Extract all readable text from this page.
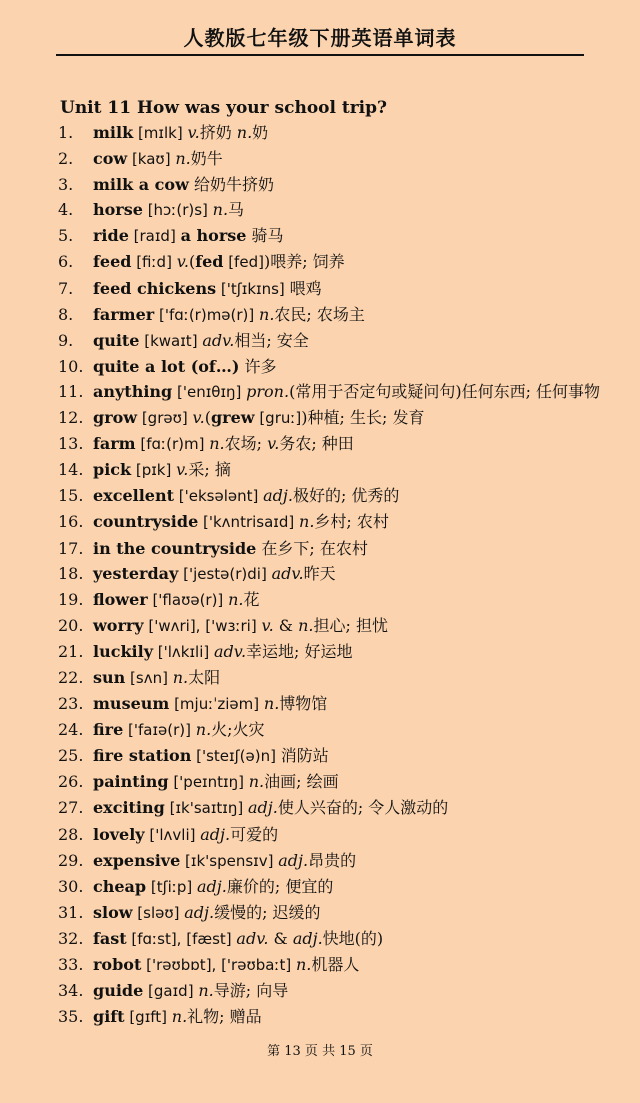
人教版七年级下册英语单词表
Unit 11 How was your school trip?
1. milk [mɪlk] v.挤奶 n.奶
2. cow [kaʊ] n.奶牛
3. milk a cow 给奶牛挤奶
4. horse [hɔː(r)s] n.马
5. ride [raɪd] a horse 骑马
6. feed [fiːd] v.(fed [fed])喂养; 饲养
7. feed chickens ['tʃɪkɪns] 喂鸡
8. farmer ['fɑː(r)mə(r)] n.农民; 农场主
9. quite [kwaɪt] adv.相当; 安全
10. quite a lot (of…) 许多
11. anything ['enɪθɪŋ] pron.(常用于否定句或疑问句)任何东西; 任何事物
12. grow [grəʊ] v.(grew [gruː])种植; 生长; 发育
13. farm [fɑː(r)m] n.农场; v.务农; 种田
14. pick [pɪk] v.采; 摘
15. excellent ['eksələnt] adj.极好的; 优秀的
16. countryside ['kʌntrisaɪd] n.乡村; 农村
17. in the countryside 在乡下; 在农村
18. yesterday ['jestə(r)di] adv.昨天
19. flower ['flaʊə(r)] n.花
20. worry ['wʌri], ['wɜːri] v. & n.担心; 担忧
21. luckily ['lʌkɪli] adv.幸运地; 好运地
22. sun [sʌn] n.太阳
23. museum [mjuːˈziəm] n.博物馆
24. fire ['faɪə(r)] n.火;火灾
25. fire station ['steɪʃ(ə)n] 消防站
26. painting ['peɪntɪŋ] n.油画; 绘画
27. exciting [ɪk'saɪtɪŋ] adj.使人兴奋的; 令人激动的
28. lovely ['lʌvli] adj.可爱的
29. expensive [ɪk'spensɪv] adj.昂贵的
30. cheap [tʃiːp] adj.廉价的; 便宜的
31. slow [sləʊ] adj.缓慢的; 迟缓的
32. fast [fɑːst], [fæst] adv. & adj.快地(的)
33. robot ['rəʊbɒt], ['rəʊbaːt] n.机器人
34. guide [gaɪd] n.导游; 向导
35. gift [gɪft] n.礼物; 赠品
第 13 页 共 15 页
